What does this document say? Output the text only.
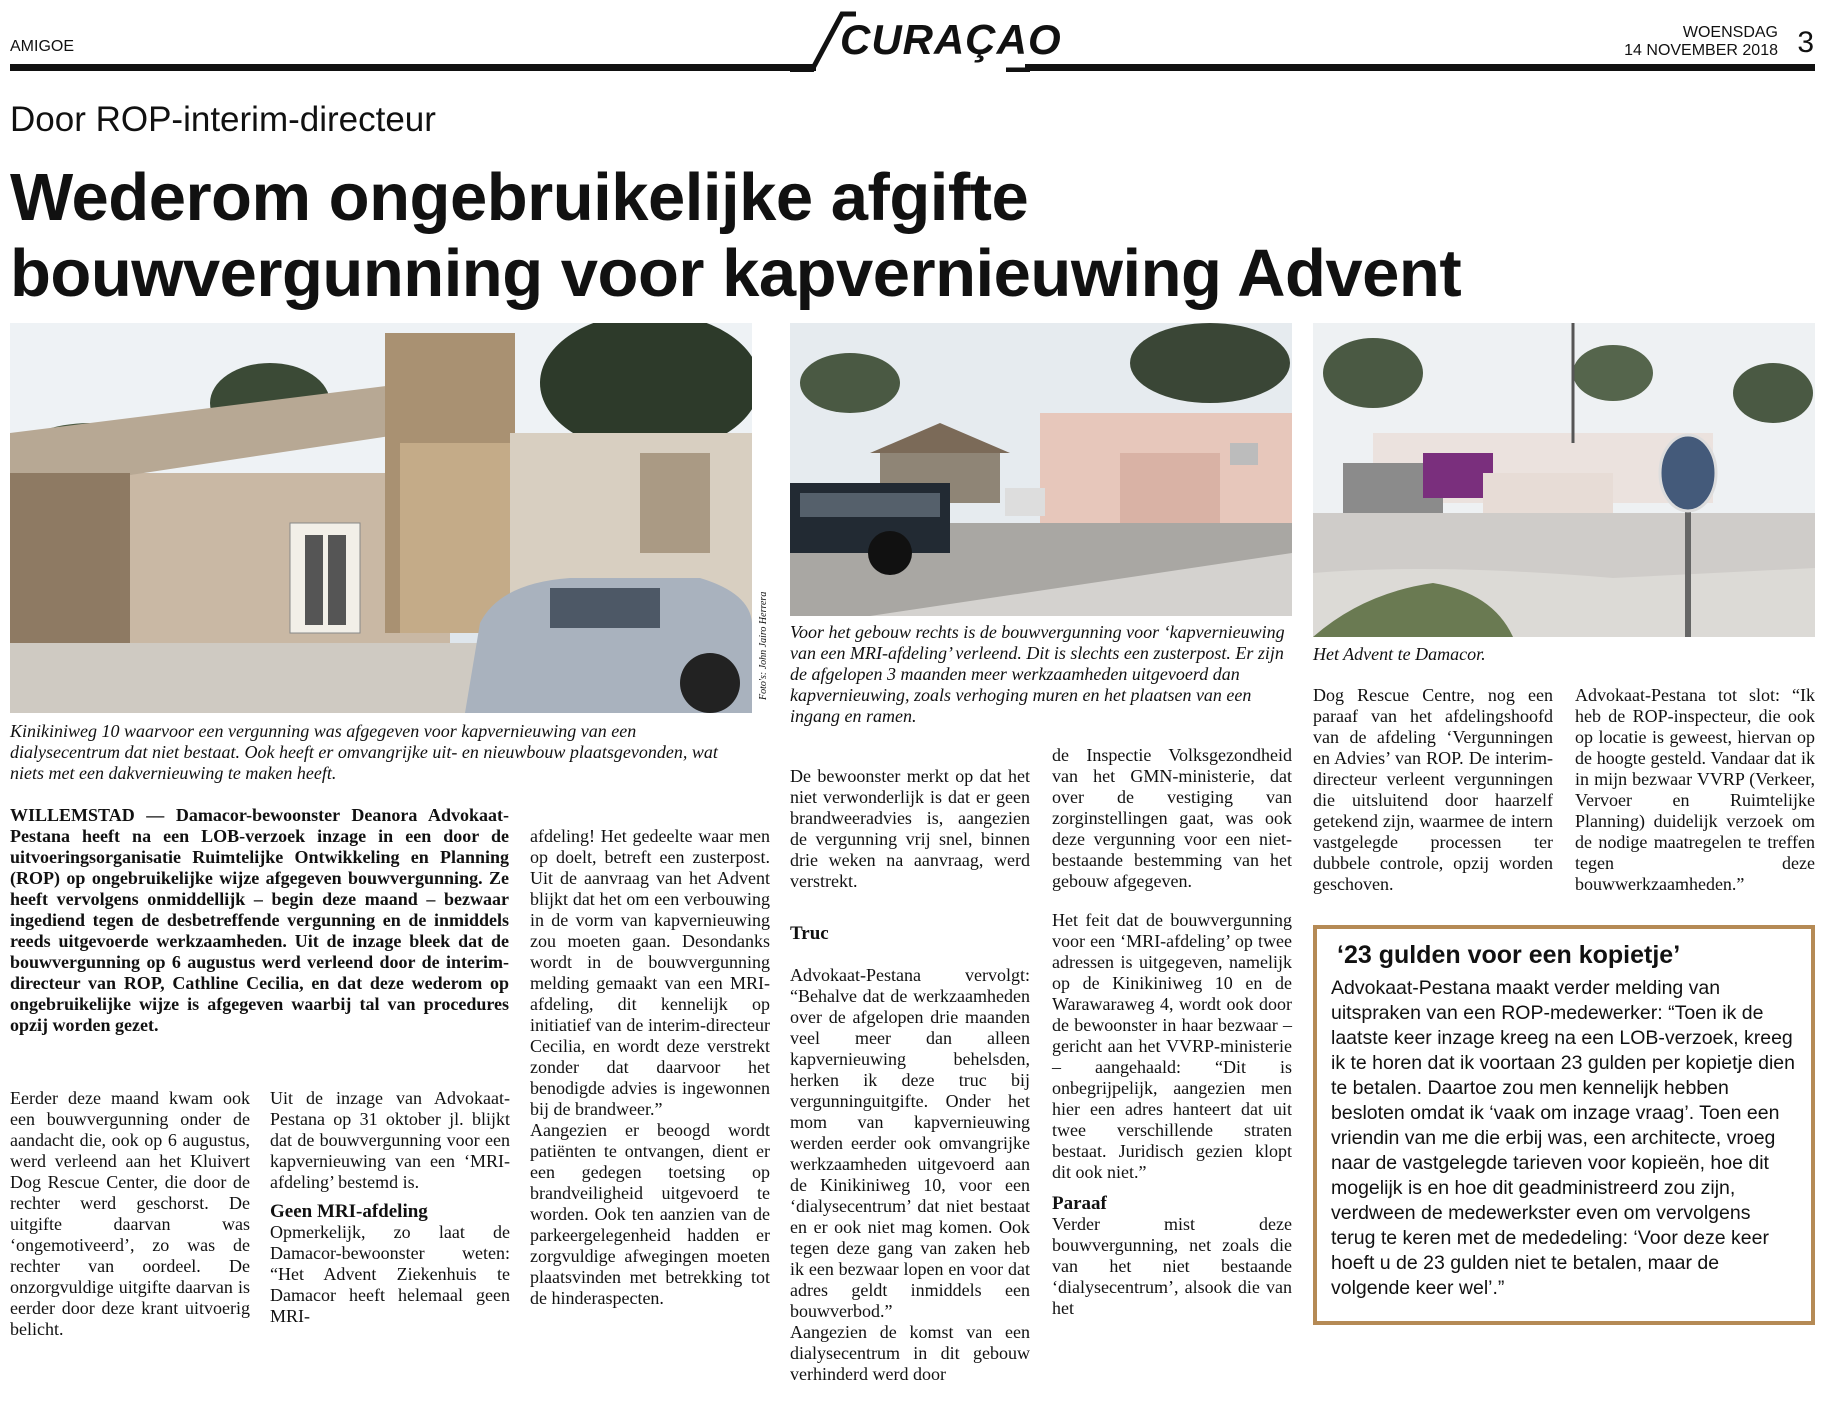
AMIGOE	CURAÇAO	WOENSDAG
14 NOVEMBER 2018 3
Door ROP-interim-directeur
Wederom ongebruikelijke afgifte
bouwvergunning voor kapvernieuwing Advent
Foto's: John Jairo Herrera
Kinikiniweg 10 waarvoor een vergunning was afgegeven voor kapvernieuwing van een dialysecentrum dat niet bestaat. Ook heeft er omvangrijke uit- en nieuwbouw plaatsgevonden, wat niets met een dakvernieuwing te maken heeft.
Voor het gebouw rechts is de bouwvergunning voor ‘kapvernieuwing van een MRI-afdeling’ verleend. Dit is slechts een zusterpost. Er zijn de afgelopen 3 maanden meer werkzaamheden uitgevoerd dan kapvernieuwing, zoals verhoging muren en het plaatsen van een ingang en ramen.
Het Advent te Damacor.
WILLEMSTAD — Damacor-bewoonster Deanora Advokaat-Pestana heeft na een LOB-verzoek inzage in een door de uitvoeringsorganisatie Ruimtelijke Ontwikkeling en Planning (ROP) op ongebruikelijke wijze afgegeven bouwvergunning. Ze heeft vervolgens onmiddellijk – begin deze maand – bezwaar ingediend tegen de desbetreffende vergunning en de inmiddels reeds uitgevoerde werkzaamheden. Uit de inzage bleek dat de bouwvergunning op 6 augustus werd verleend door de interim-directeur van ROP, Cathline Cecilia, en dat deze wederom op ongebruikelijke wijze is afgegeven waarbij tal van procedures opzij worden gezet.

Eerder deze maand kwam ook een bouwvergunning onder de aandacht die, ook op 6 augustus, werd verleend aan het Kluivert Dog Rescue Center, die door de rechter werd geschorst. De uitgifte daarvan was ‘ongemotiveerd’, zo was de rechter van oordeel. De onzorgvuldige uitgifte daarvan is eerder door deze krant uitvoerig belicht.

Uit de inzage van Advokaat-Pestana op 31 oktober jl. blijkt dat de bouwvergunning voor een kapvernieuwing van een ‘MRI-afdeling’ bestemd is.

Geen MRI-afdeling

Opmerkelijk, zo laat de Damacor-bewoonster weten: “Het Advent Ziekenhuis te Damacor heeft helemaal geen MRI-

afdeling! Het gedeelte waar men op doelt, betreft een zusterpost. Uit de aanvraag van het Advent blijkt dat het om een verbouwing in de vorm van kapvernieuwing zou moeten gaan. Desondanks wordt in de bouwvergunning melding gemaakt van een MRI-afdeling, dit kennelijk op initiatief van de interim-directeur Cecilia, en wordt deze verstrekt zonder dat daarvoor het benodigde advies is ingewonnen bij de brandweer.”
Aangezien er beoogd wordt patiënten te ontvangen, dient er een gedegen toetsing op brandveiligheid uitgevoerd te worden. Ook ten aanzien van de parkeergelegenheid hadden er zorgvuldige afwegingen moeten plaatsvinden met betrekking tot de hinderaspecten.

De bewoonster merkt op dat het niet verwonderlijk is dat er geen brandweeradvies is, aangezien de vergunning vrij snel, binnen drie weken na aanvraag, werd verstrekt.

Truc

Advokaat-Pestana vervolgt: “Behalve dat de werkzaamheden over de afgelopen drie maanden veel meer dan alleen kapvernieuwing behelsden, herken ik deze truc bij vergunninguitgifte. Onder het mom van kapvernieuwing werden eerder ook omvangrijke werkzaamheden uitgevoerd aan de Kinikiniweg 10, voor een ‘dialysecentrum’ dat niet bestaat en er ook niet mag komen. Ook tegen deze gang van zaken heb ik een bezwaar lopen en voor dat adres geldt inmiddels een bouwverbod.”
Aangezien de komst van een dialysecentrum in dit gebouw verhinderd werd door

de Inspectie Volksgezondheid van het GMN-ministerie, dat over de vestiging van zorginstellingen gaat, was ook deze vergunning voor een niet-bestaande bestemming van het gebouw afgegeven.

Het feit dat de bouwvergunning voor een ‘MRI-afdeling’ op twee adressen is uitgegeven, namelijk op de Kinikiniweg 10 en de Warawaraweg 4, wordt ook door de bewoonster in haar bezwaar – gericht aan het VVRP-ministerie – aangehaald: “Dit is onbegrijpelijk, aangezien men hier een adres hanteert dat uit twee verschillende straten bestaat. Juridisch gezien klopt dit ook niet.”

Paraaf

Verder mist deze bouwvergunning, net zoals die van het niet bestaande ‘dialysecentrum’, alsook die van het

Dog Rescue Centre, nog een paraaf van het afdelingshoofd van de afdeling ‘Vergunningen en Advies’ van ROP. De interim-directeur verleent vergunningen die uitsluitend door haarzelf getekend zijn, waarmee de intern vastgelegde processen ter dubbele controle, opzij worden geschoven.

Advokaat-Pestana tot slot: “Ik heb de ROP-inspecteur, die ook op locatie is geweest, hiervan op de hoogte gesteld. Vandaar dat ik in mijn bezwaar VVRP (Verkeer, Vervoer en Ruimtelijke Planning) duidelijk verzoek om de nodige maatregelen te treffen tegen deze bouwwerkzaamheden.”

‘23 gulden voor een kopietje’
Advokaat-Pestana maakt verder melding van uitspraken van een ROP-medewerker: “Toen ik de laatste keer inzage kreeg na een LOB-verzoek, kreeg ik te horen dat ik voortaan 23 gulden per kopietje dien te betalen. Daartoe zou men kennelijk hebben besloten omdat ik ‘vaak om inzage vraag’. Toen een vriendin van me die erbij was, een architecte, vroeg naar de vastgelegde tarieven voor kopieën, hoe dit mogelijk is en hoe dit geadministreerd zou zijn, verdween de medewerkster even om vervolgens terug te keren met de mededeling: ‘Voor deze keer hoeft u de 23 gulden niet te betalen, maar de volgende keer wel’.”
